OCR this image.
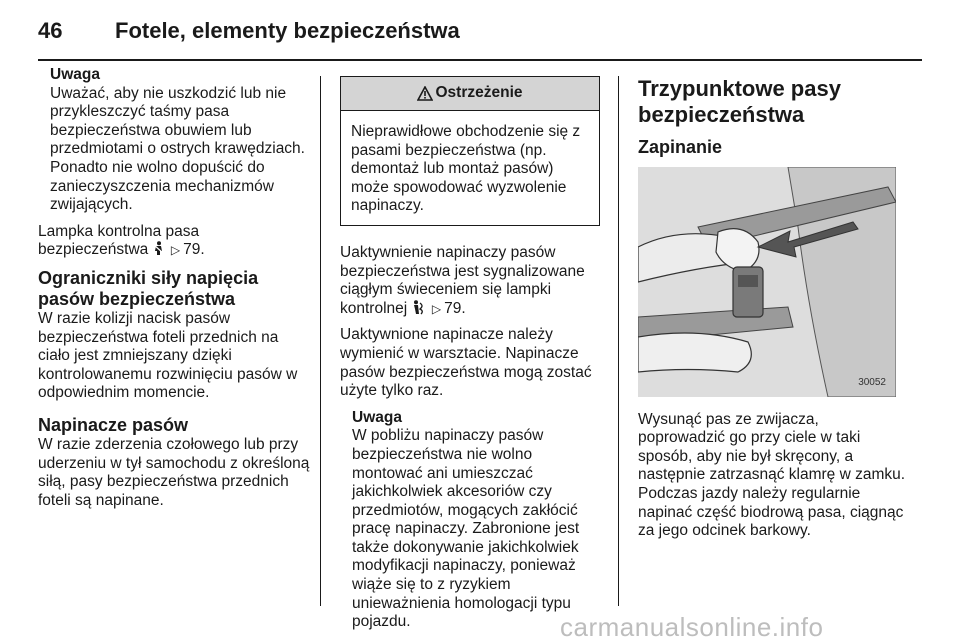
46 Fotele, elementy bezpieczeństwa
Uwaga
Uważać, aby nie uszkodzić lub nie przykleszczyć taśmy pasa bezpieczeństwa obuwiem lub przedmiotami o ostrych krawędziach. Ponadto nie wolno dopuścić do zanieczyszczenia mechanizmów zwijających.

Lampka kontrolna pasa bezpieczeństwa ▷ 79.

Ograniczniki siły napięcia pasów bezpieczeństwa

W razie kolizji nacisk pasów bezpieczeństwa foteli przednich na ciało jest zmniejszany dzięki kontrolowanemu rozwinięciu pasów w odpowiednim momencie.

Napinacze pasów

W razie zderzenia czołowego lub przy uderzeniu w tył samochodu z określoną siłą, pasy bezpieczeństwa przednich foteli są napinane.

Ostrzeżenie
Nieprawidłowe obchodzenie się z pasami bezpieczeństwa (np. demontaż lub montaż pasów) może spowodować wyzwolenie napinaczy.

Uaktywnienie napinaczy pasów bezpieczeństwa jest sygnalizowane ciągłym świeceniem się lampki kontrolnej ▷ 79.

Uaktywnione napinacze należy wymienić w warsztacie. Napinacze pasów bezpieczeństwa mogą zostać użyte tylko raz.

Uwaga
W pobliżu napinaczy pasów bezpieczeństwa nie wolno montować ani umieszczać jakichkolwiek akcesoriów czy przedmiotów, mogących zakłócić pracę napinaczy. Zabronione jest także dokonywanie jakichkolwiek modyfikacji napinaczy, ponieważ wiąże się to z ryzykiem unieważnienia homologacji typu pojazdu.
Trzypunktowe pasy bezpieczeństwa
Zapinanie
30052

Wysunąć pas ze zwijacza, poprowadzić go przy ciele w taki sposób, aby nie był skręcony, a następnie zatrzasnąć klamrę w zamku. Podczas jazdy należy regularnie napinać część biodrową pasa, ciągnąc za jego odcinek barkowy.

carmanualsonline.info
